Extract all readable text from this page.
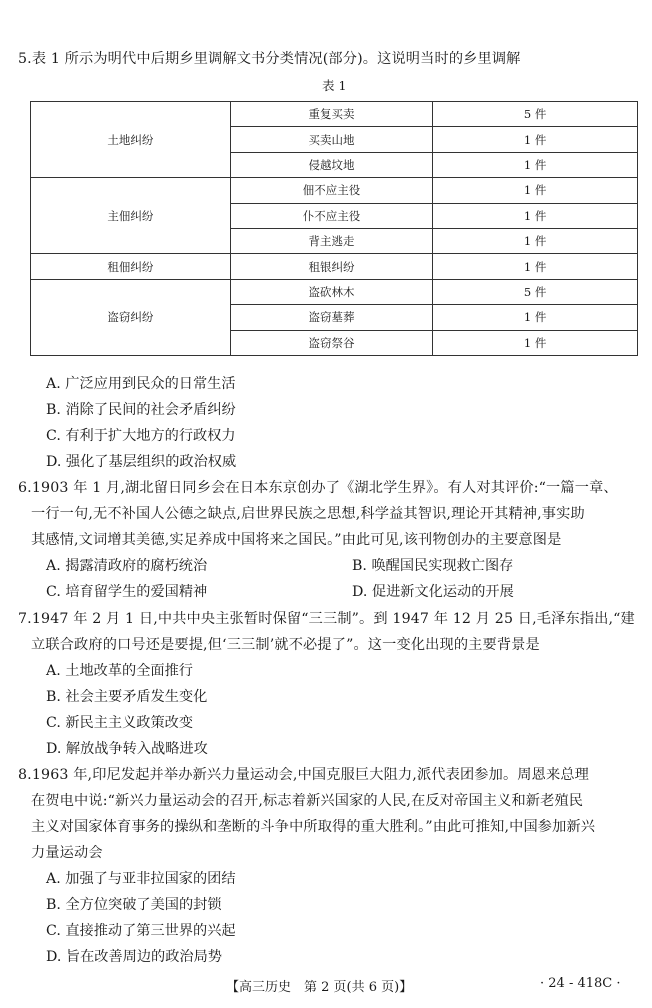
5.表 1 所示为明代中后期乡里调解文书分类情况(部分)。这说明当时的乡里调解
表 1
土地纠纷	重复买卖	5 件
	买卖山地	1 件
	侵越坟地	1 件
主佃纠纷	佃不应主役	1 件
	仆不应主役	1 件
	背主逃走	1 件
租佃纠纷	租银纠纷	1 件
盗窃纠纷	盗砍林木	5 件
	盗窃墓葬	1 件
	盗窃祭谷	1 件
A. 广泛应用到民众的日常生活
B. 消除了民间的社会矛盾纠纷
C. 有利于扩大地方的行政权力
D. 强化了基层组织的政治权威
6.1903 年 1 月,湖北留日同乡会在日本东京创办了《湖北学生界》。有人对其评价:“一篇一章、
一行一句,无不补国人公德之缺点,启世界民族之思想,科学益其智识,理论开其精神,事实助
其感情,文词增其美德,实足养成中国将来之国民。”由此可见,该刊物创办的主要意图是
A. 揭露清政府的腐朽统治	B. 唤醒国民实现救亡图存
C. 培育留学生的爱国精神	D. 促进新文化运动的开展
7.1947 年 2 月 1 日,中共中央主张暂时保留“三三制”。到 1947 年 12 月 25 日,毛泽东指出,“建
立联合政府的口号还是要提,但‘三三制’就不必提了”。这一变化出现的主要背景是
A. 土地改革的全面推行
B. 社会主要矛盾发生变化
C. 新民主主义政策改变
D. 解放战争转入战略进攻
8.1963 年,印尼发起并举办新兴力量运动会,中国克服巨大阻力,派代表团参加。周恩来总理
在贺电中说:“新兴力量运动会的召开,标志着新兴国家的人民,在反对帝国主义和新老殖民
主义对国家体育事务的操纵和垄断的斗争中所取得的重大胜利。”由此可推知,中国参加新兴
力量运动会
A. 加强了与亚非拉国家的团结
B. 全方位突破了美国的封锁
C. 直接推动了第三世界的兴起
D. 旨在改善周边的政治局势
【高三历史　第 2 页(共 6 页)】	· 24 - 418C ·
